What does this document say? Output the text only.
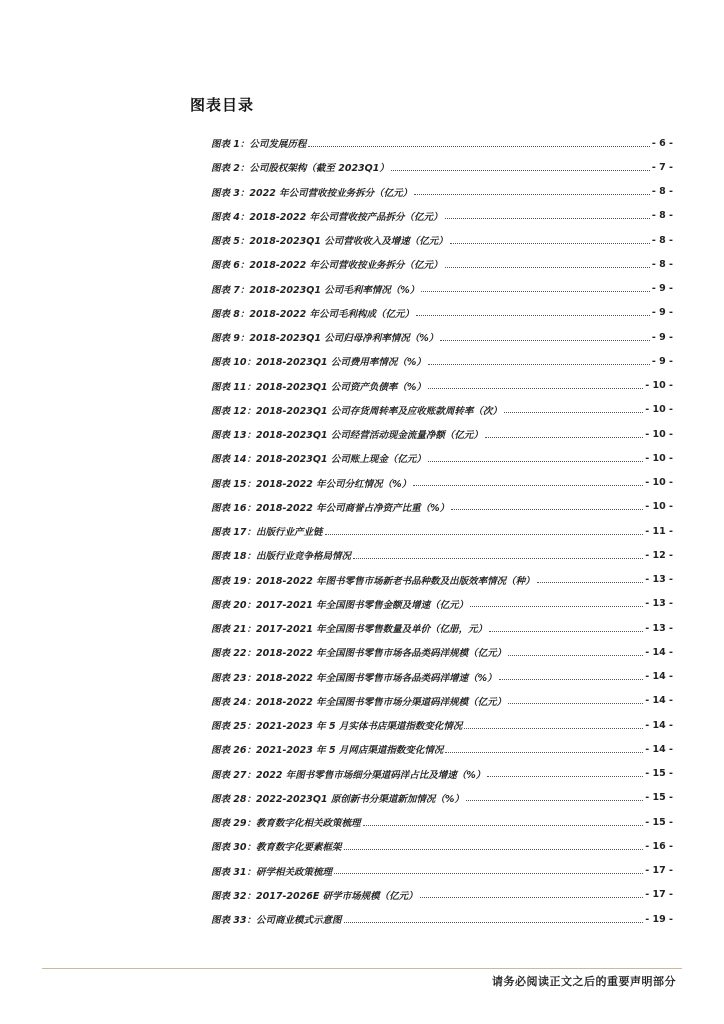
图表目录
图表 1：公司发展历程	- 6 -
图表 2：公司股权架构（截至 2023Q1）	- 7 -
图表 3：2022 年公司营收按业务拆分（亿元）	- 8 -
图表 4：2018-2022 年公司营收按产品拆分（亿元）	- 8 -
图表 5：2018-2023Q1 公司营收收入及增速（亿元）	- 8 -
图表 6：2018-2022 年公司营收按业务拆分（亿元）	- 8 -
图表 7：2018-2023Q1 公司毛利率情况（%）	- 9 -
图表 8：2018-2022 年公司毛利构成（亿元）	- 9 -
图表 9：2018-2023Q1 公司归母净利率情况（%）	- 9 -
图表 10：2018-2023Q1 公司费用率情况（%）	- 9 -
图表 11：2018-2023Q1 公司资产负债率（%）	- 10 -
图表 12：2018-2023Q1 公司存货周转率及应收账款周转率（次）	- 10 -
图表 13：2018-2023Q1 公司经营活动现金流量净额（亿元）	- 10 -
图表 14：2018-2023Q1 公司账上现金（亿元）	- 10 -
图表 15：2018-2022 年公司分红情况（%）	- 10 -
图表 16：2018-2022 年公司商誉占净资产比重（%）	- 10 -
图表 17：出版行业产业链	- 11 -
图表 18：出版行业竞争格局情况	- 12 -
图表 19：2018-2022 年图书零售市场新老书品种数及出版效率情况（种）	- 13 -
图表 20：2017-2021 年全国图书零售金额及增速（亿元）	- 13 -
图表 21：2017-2021 年全国图书零售数量及单价（亿册，元）	- 13 -
图表 22：2018-2022 年全国图书零售市场各品类码洋规模（亿元）	- 14 -
图表 23：2018-2022 年全国图书零售市场各品类码洋增速（%）	- 14 -
图表 24：2018-2022 年全国图书零售市场分渠道码洋规模（亿元）	- 14 -
图表 25：2021-2023 年 5 月实体书店渠道指数变化情况	- 14 -
图表 26：2021-2023 年 5 月网店渠道指数变化情况	- 14 -
图表 27：2022 年图书零售市场细分渠道码洋占比及增速（%）	- 15 -
图表 28：2022-2023Q1 原创新书分渠道新加情况（%）	- 15 -
图表 29：教育数字化相关政策梳理	- 15 -
图表 30：教育数字化要素框架	- 16 -
图表 31：研学相关政策梳理	- 17 -
图表 32：2017-2026E 研学市场规模（亿元）	- 17 -
图表 33：公司商业模式示意图	- 19 -
请务必阅读正文之后的重要声明部分
